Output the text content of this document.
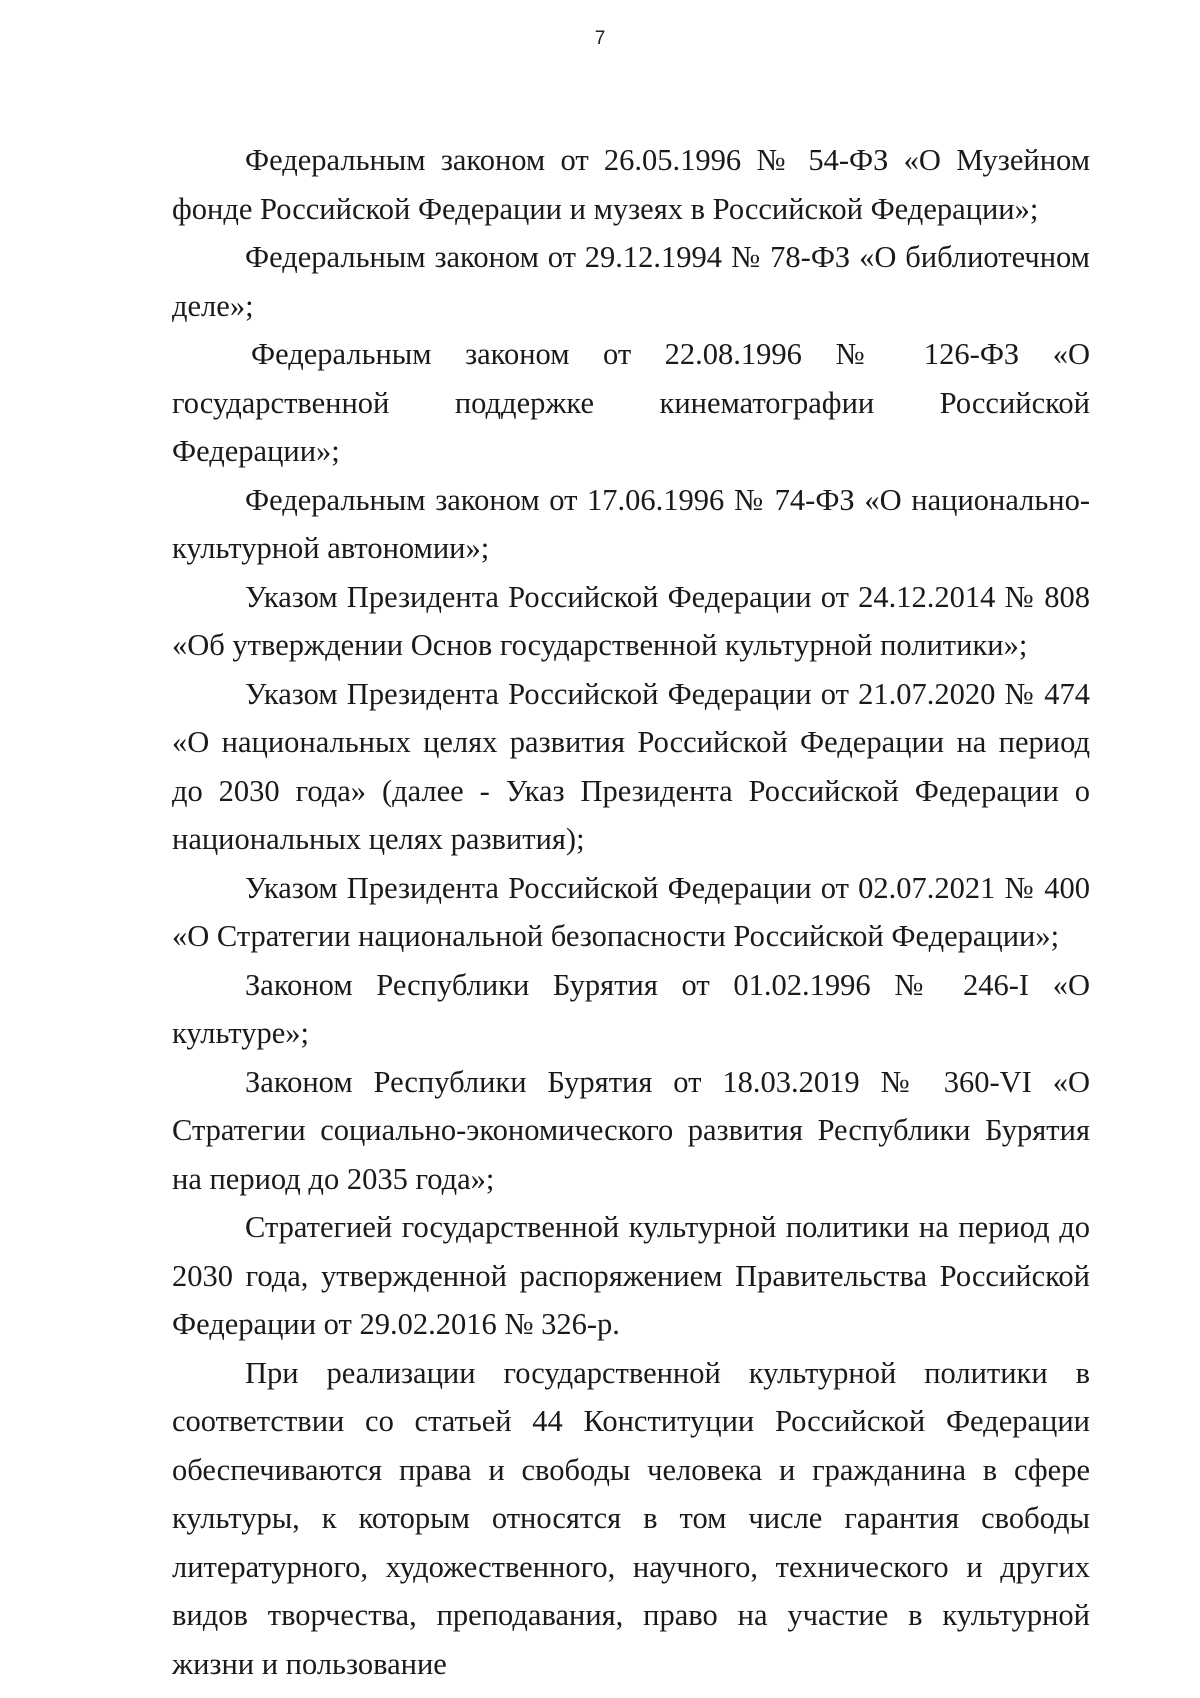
7

Федеральным законом от 26.05.1996 № 54-ФЗ «О Музейном фонде Российской Федерации и музеях в Российской Федерации»;

Федеральным законом от 29.12.1994 № 78-ФЗ «О библиотечном деле»;

Федеральным законом от 22.08.1996 № 126-ФЗ «О государственной поддержке кинематографии Российской Федерации»;

Федеральным законом от 17.06.1996 № 74-ФЗ «О национально-культурной автономии»;

Указом Президента Российской Федерации от 24.12.2014 № 808 «Об утверждении Основ государственной культурной политики»;

Указом Президента Российской Федерации от 21.07.2020 № 474 «О национальных целях развития Российской Федерации на период до 2030 года» (далее - Указ Президента Российской Федерации о национальных целях развития);

Указом Президента Российской Федерации от 02.07.2021 № 400 «О Стратегии национальной безопасности Российской Федерации»;

Законом Республики Бурятия от 01.02.1996 № 246-I «О культуре»;

Законом Республики Бурятия от 18.03.2019 № 360-VI «О Стратегии социально-экономического развития Республики Бурятия на период до 2035 года»;

Стратегией государственной культурной политики на период до 2030 года, утвержденной распоряжением Правительства Российской Федерации от 29.02.2016 № 326-р.

При реализации государственной культурной политики в соответствии со статьей 44 Конституции Российской Федерации обеспечиваются права и свободы человека и гражданина в сфере культуры, к которым относятся в том числе гарантия свободы литературного, художественного, научного, технического и других видов творчества, преподавания, право на участие в культурной жизни и пользование
